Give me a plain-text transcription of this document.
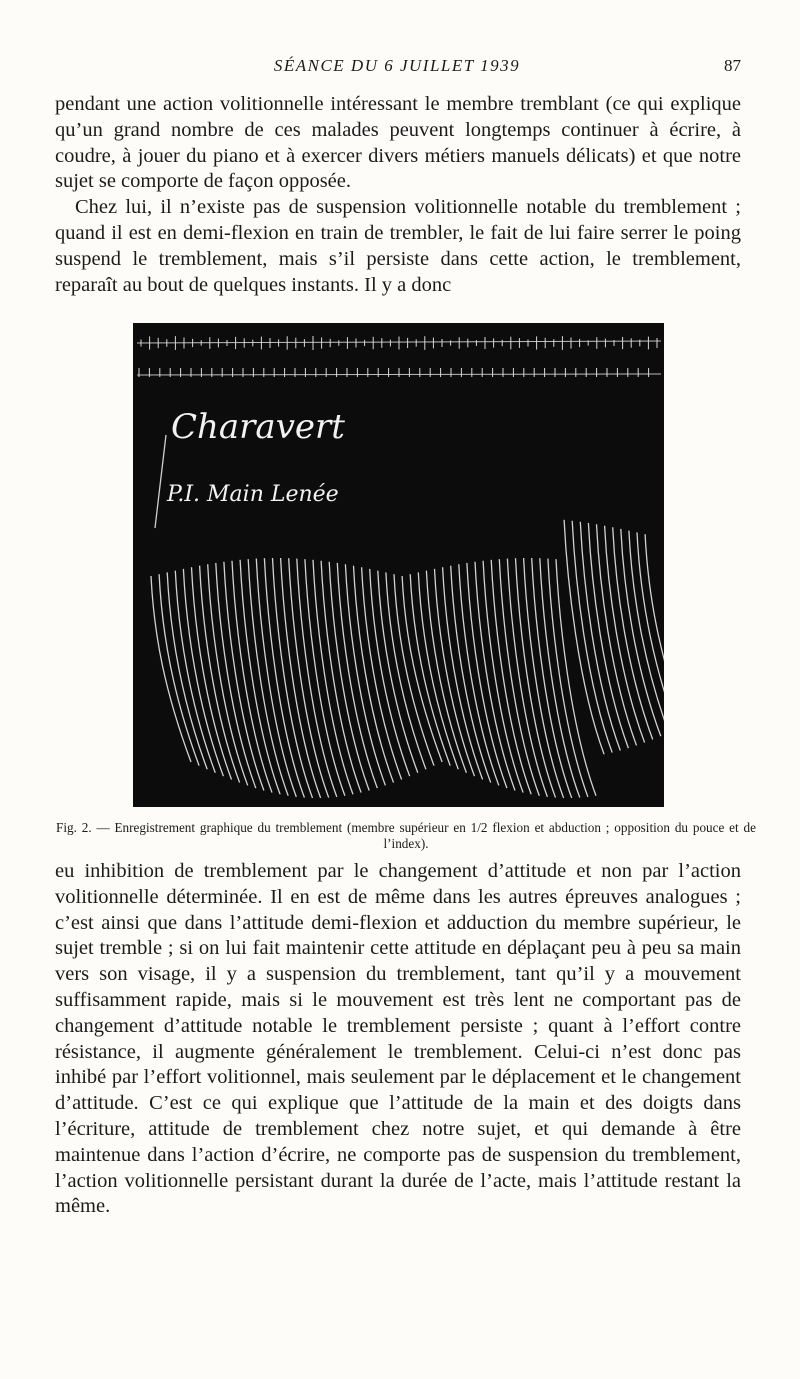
SÉANCE DU 6 JUILLET 1939	87

pendant une action volitionnelle intéressant le membre tremblant (ce qui explique qu’un grand nombre de ces malades peuvent longtemps continuer à écrire, à coudre, à jouer du piano et à exercer divers métiers manuels délicats) et que notre sujet se comporte de façon opposée.

Chez lui, il n’existe pas de suspension volitionnelle notable du tremblement ; quand il est en demi-flexion en train de trembler, le fait de lui faire serrer le poing suspend le tremblement, mais s’il persiste dans cette action, le tremblement, reparaît au bout de quelques instants. Il y a donc

Charavert
P.I. Main Lenée
Fig. 2. — Enregistrement graphique du tremblement (membre supérieur en 1/2 flexion et abduction ; opposition du pouce et de l’index).

eu inhibition de tremblement par le changement d’attitude et non par l’action volitionnelle déterminée. Il en est de même dans les autres épreuves analogues ; c’est ainsi que dans l’attitude demi-flexion et adduction du membre supérieur, le sujet tremble ; si on lui fait maintenir cette attitude en déplaçant peu à peu sa main vers son visage, il y a suspension du tremblement, tant qu’il y a mouvement suffisamment rapide, mais si le mouvement est très lent ne comportant pas de changement d’attitude notable le tremblement persiste ; quant à l’effort contre résistance, il augmente généralement le tremblement. Celui-ci n’est donc pas inhibé par l’effort volitionnel, mais seulement par le déplacement et le changement d’attitude. C’est ce qui explique que l’attitude de la main et des doigts dans l’écriture, attitude de tremblement chez notre sujet, et qui demande à être maintenue dans l’action d’écrire, ne comporte pas de suspension du tremblement, l’action volitionnelle persistant durant la durée de l’acte, mais l’attitude restant la même.
